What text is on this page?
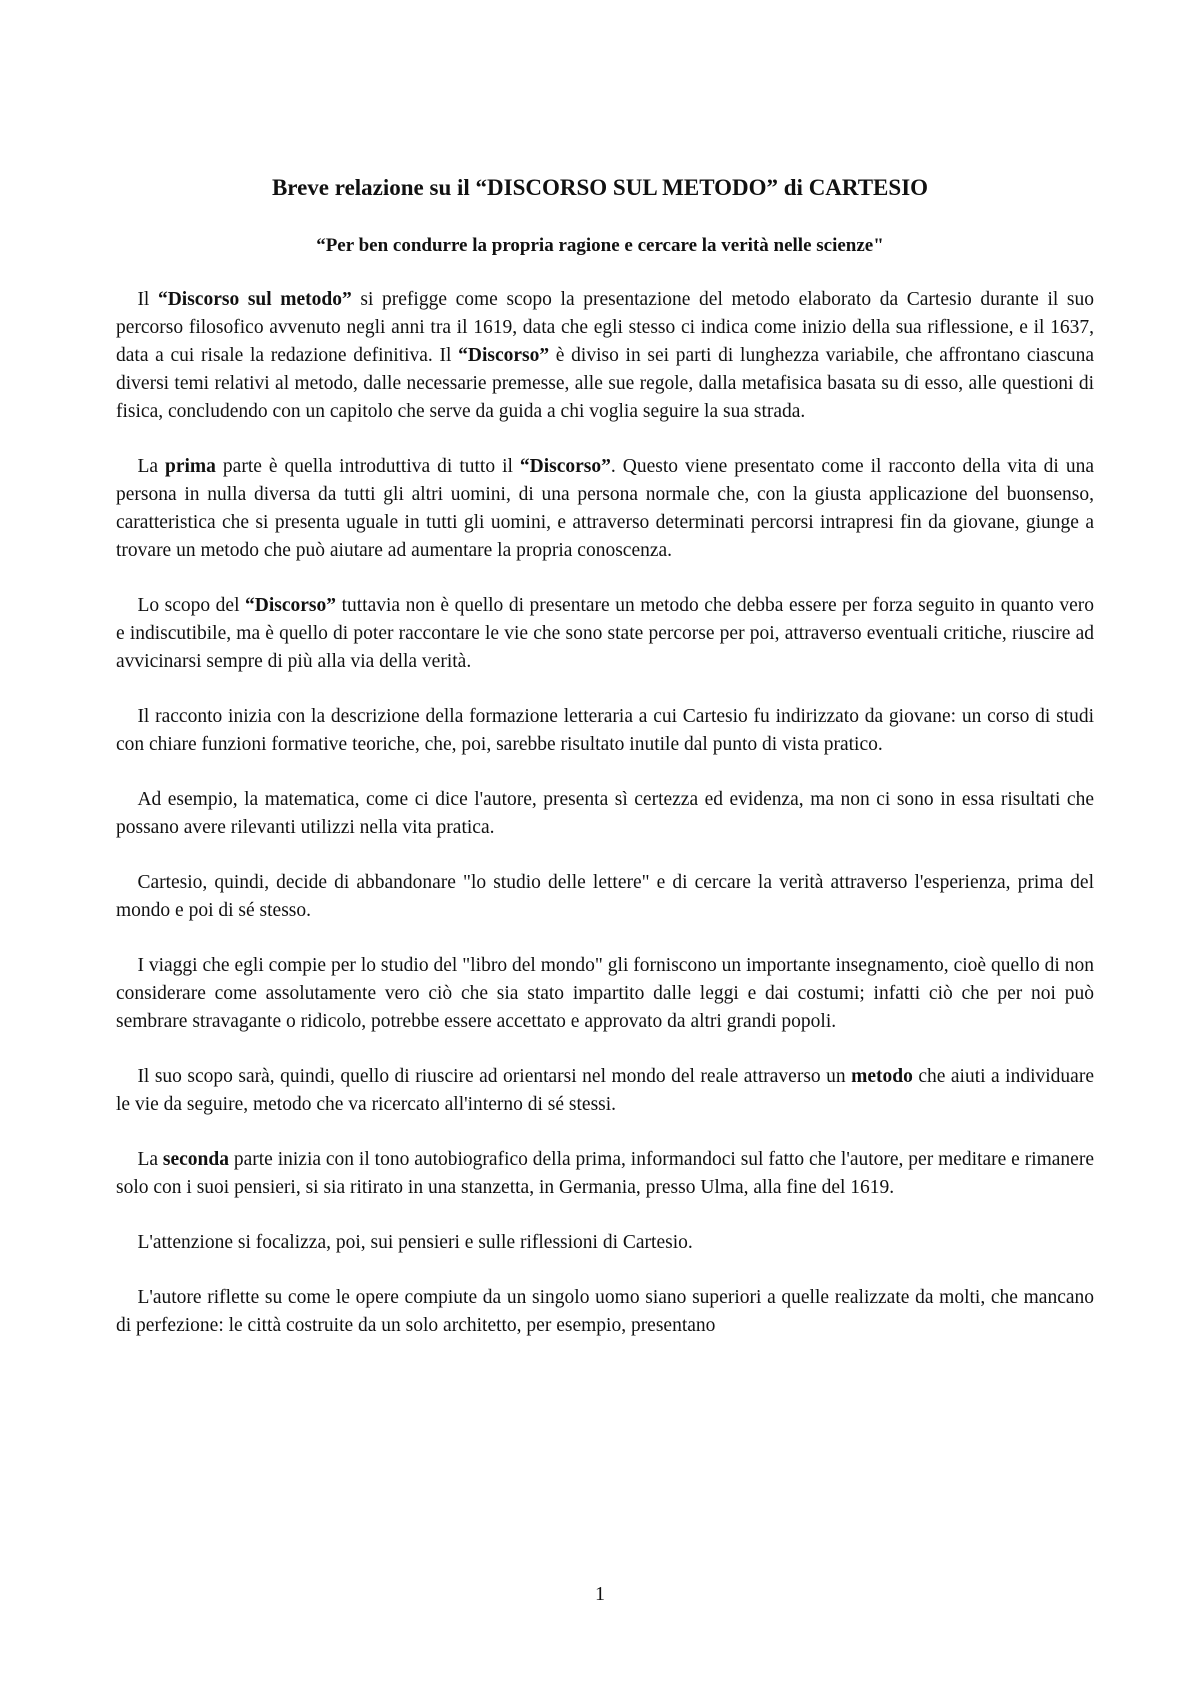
Breve relazione su il “DISCORSO SUL METODO” di CARTESIO
“Per ben condurre la propria ragione e cercare la verità nelle scienze"

Il “Discorso sul metodo” si prefigge come scopo la presentazione del metodo elaborato da Cartesio durante il suo percorso filosofico avvenuto negli anni tra il 1619, data che egli stesso ci indica come inizio della sua riflessione, e il 1637, data a cui risale la redazione definitiva. Il “Discorso” è diviso in sei parti di lunghezza variabile, che affrontano ciascuna diversi temi relativi al metodo, dalle necessarie premesse, alle sue regole, dalla metafisica basata su di esso, alle questioni di fisica, concludendo con un capitolo che serve da guida a chi voglia seguire la sua strada.

La prima parte è quella introduttiva di tutto il “Discorso”. Questo viene presentato come il racconto della vita di una persona in nulla diversa da tutti gli altri uomini, di una persona normale che, con la giusta applicazione del buonsenso, caratteristica che si presenta uguale in tutti gli uomini, e attraverso determinati percorsi intrapresi fin da giovane, giunge a trovare un metodo che può aiutare ad aumentare la propria conoscenza.

Lo scopo del “Discorso” tuttavia non è quello di presentare un metodo che debba essere per forza seguito in quanto vero e indiscutibile, ma è quello di poter raccontare le vie che sono state percorse per poi, attraverso eventuali critiche, riuscire ad avvicinarsi sempre di più alla via della verità.

Il racconto inizia con la descrizione della formazione letteraria a cui Cartesio fu indirizzato da giovane: un corso di studi con chiare funzioni formative teoriche, che, poi, sarebbe risultato inutile dal punto di vista pratico.

Ad esempio, la matematica, come ci dice l'autore, presenta sì certezza ed evidenza, ma non ci sono in essa risultati che possano avere rilevanti utilizzi nella vita pratica.

Cartesio, quindi, decide di abbandonare "lo studio delle lettere" e di cercare la verità attraverso l'esperienza, prima del mondo e poi di sé stesso.

I viaggi che egli compie per lo studio del "libro del mondo" gli forniscono un importante insegnamento, cioè quello di non considerare come assolutamente vero ciò che sia stato impartito dalle leggi e dai costumi; infatti ciò che per noi può sembrare stravagante o ridicolo, potrebbe essere accettato e approvato da altri grandi popoli.

Il suo scopo sarà, quindi, quello di riuscire ad orientarsi nel mondo del reale attraverso un metodo che aiuti a individuare le vie da seguire, metodo che va ricercato all'interno di sé stessi.

La seconda parte inizia con il tono autobiografico della prima, informandoci sul fatto che l'autore, per meditare e rimanere solo con i suoi pensieri, si sia ritirato in una stanzetta, in Germania, presso Ulma, alla fine del 1619.

L'attenzione si focalizza, poi, sui pensieri e sulle riflessioni di Cartesio.

L'autore riflette su come le opere compiute da un singolo uomo siano superiori a quelle realizzate da molti, che mancano di perfezione: le città costruite da un solo architetto, per esempio, presentano

1
